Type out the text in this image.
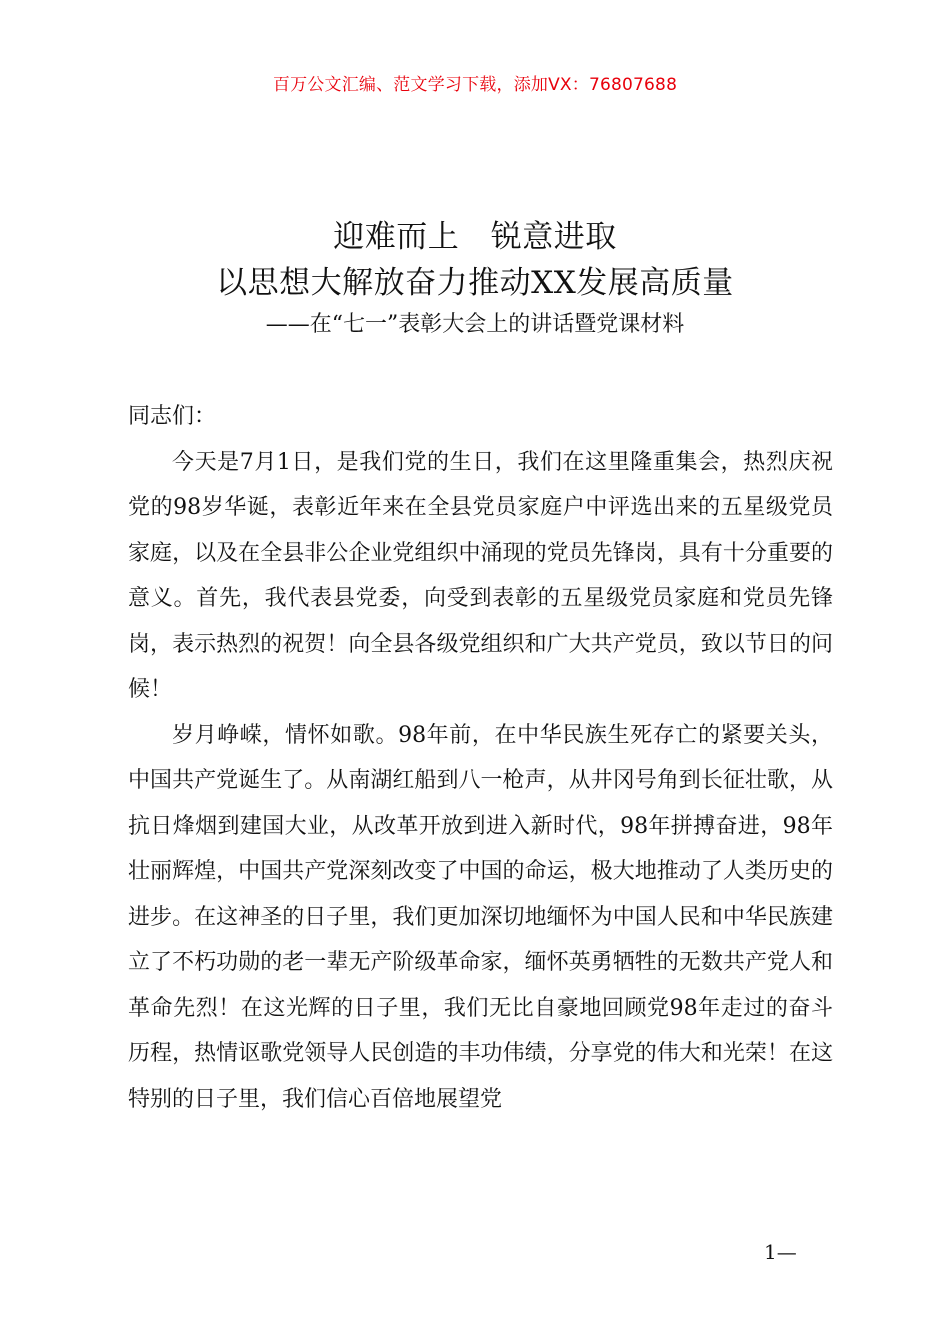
百万公文汇编、范文学习下载，添加VX：76807688
迎难而上　锐意进取
以思想大解放奋力推动XX发展高质量
——在“七一”表彰大会上的讲话暨党课材料

同志们：

今天是7月1日，是我们党的生日，我们在这里隆重集会，热烈庆祝党的98岁华诞，表彰近年来在全县党员家庭户中评选出来的五星级党员家庭，以及在全县非公企业党组织中涌现的党员先锋岗，具有十分重要的意义。首先，我代表县党委，向受到表彰的五星级党员家庭和党员先锋岗，表示热烈的祝贺！向全县各级党组织和广大共产党员，致以节日的问候！

岁月峥嵘，情怀如歌。98年前，在中华民族生死存亡的紧要关头，中国共产党诞生了。从南湖红船到八一枪声，从井冈号角到长征壮歌，从抗日烽烟到建国大业，从改革开放到进入新时代，98年拼搏奋进，98年壮丽辉煌，中国共产党深刻改变了中国的命运，极大地推动了人类历史的进步。在这神圣的日子里，我们更加深切地缅怀为中国人民和中华民族建立了不朽功勋的老一辈无产阶级革命家，缅怀英勇牺牲的无数共产党人和革命先烈！在这光辉的日子里，我们无比自豪地回顾党98年走过的奋斗历程，热情讴歌党领导人民创造的丰功伟绩，分享党的伟大和光荣！在这特别的日子里，我们信心百倍地展望党

1—
